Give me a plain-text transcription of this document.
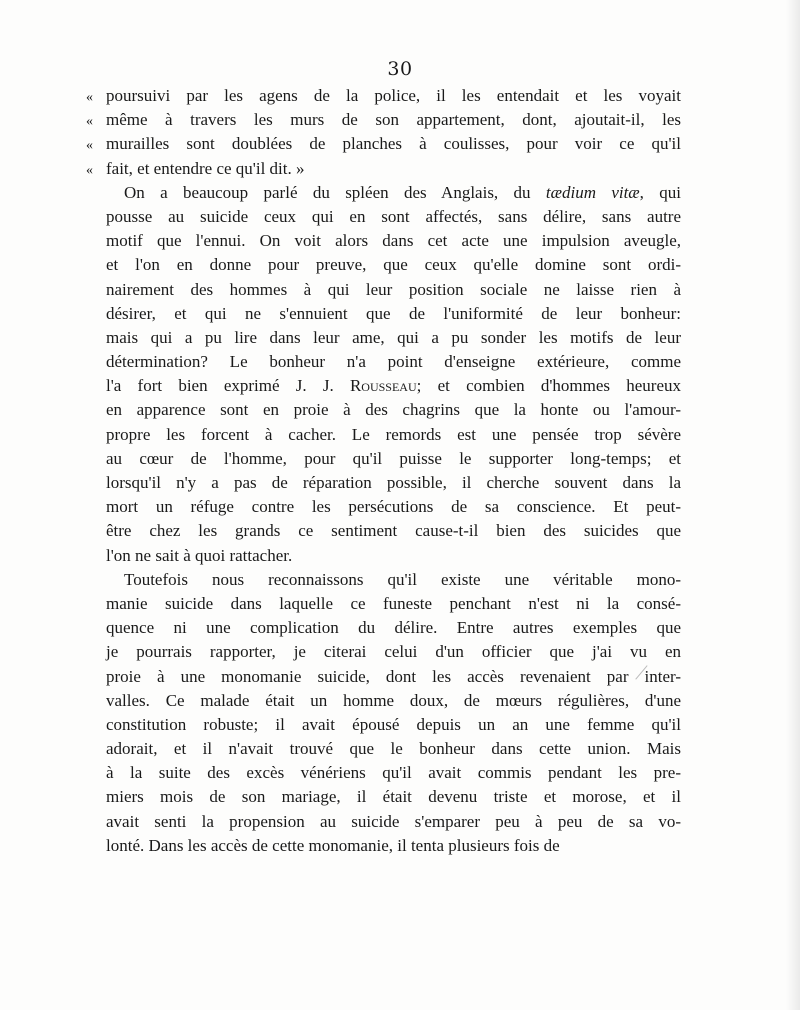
30
« poursuivi par les agens de la police, il les entendait et les voyait
« même à travers les murs de son appartement, dont, ajoutait-il, les
« murailles sont doublées de planches à coulisses, pour voir ce qu'il
« fait, et entendre ce qu'il dit. »
On a beaucoup parlé du spléen des Anglais, du tædium vitæ, qui
pousse au suicide ceux qui en sont affectés, sans délire, sans autre
motif que l'ennui. On voit alors dans cet acte une impulsion aveugle,
et l'on en donne pour preuve, que ceux qu'elle domine sont ordi-
nairement des hommes à qui leur position sociale ne laisse rien à
désirer, et qui ne s'ennuient que de l'uniformité de leur bonheur:
mais qui a pu lire dans leur ame, qui a pu sonder les motifs de leur
détermination? Le bonheur n'a point d'enseigne extérieure, comme
l'a fort bien exprimé J. J. Rousseau; et combien d'hommes heureux
en apparence sont en proie à des chagrins que la honte ou l'amour-
propre les forcent à cacher. Le remords est une pensée trop sévère
au cœur de l'homme, pour qu'il puisse le supporter long-temps; et
lorsqu'il n'y a pas de réparation possible, il cherche souvent dans la
mort un réfuge contre les persécutions de sa conscience. Et peut-
être chez les grands ce sentiment cause-t-il bien des suicides que
l'on ne sait à quoi rattacher.
Toutefois nous reconnaissons qu'il existe une véritable mono-
manie suicide dans laquelle ce funeste penchant n'est ni la consé-
quence ni une complication du délire. Entre autres exemples que
je pourrais rapporter, je citerai celui d'un officier que j'ai vu en
proie à une monomanie suicide, dont les accès revenaient par inter-
valles. Ce malade était un homme doux, de mœurs régulières, d'une
constitution robuste; il avait épousé depuis un an une femme qu'il
adorait, et il n'avait trouvé que le bonheur dans cette union. Mais
à la suite des excès vénériens qu'il avait commis pendant les pre-
miers mois de son mariage, il était devenu triste et morose, et il
avait senti la propension au suicide s'emparer peu à peu de sa vo-
lonté. Dans les accès de cette monomanie, il tenta plusieurs fois de
